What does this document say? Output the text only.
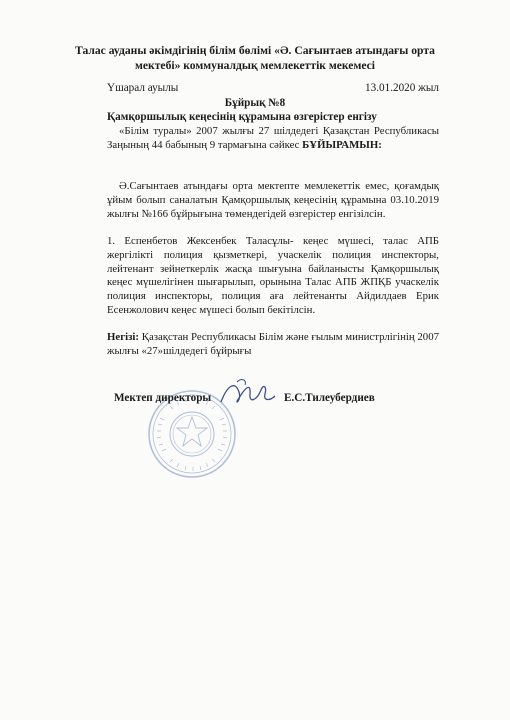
Талас ауданы әкімдігінің білім бөлімі «Ә. Сағынтаев атындағы орта
мектебі» коммуналдық мемлекеттік мекемесі
Үшарал ауылы	13.01.2020 жыл
Бұйрық №8
Қамқоршылық кеңесінің құрамына өзгерістер енгізу
«Білім туралы» 2007 жылғы 27 шілдедегі Қазақстан Республикасы Заңының 44 бабының 9 тармағына сәйкес БҰЙЫРАМЫН:
Ә.Сағынтаев атындағы орта мектепте мемлекеттік емес, қоғамдық ұйым болып саналатын Қамқоршылық кеңесінің құрамына 03.10.2019 жылғы №166 бұйрығына төмендегідей өзгерістер енгізілсін.
1. Еспенбетов Жексенбек Таласұлы- кеңес мүшесі, талас АПБ жергілікті полиция қызметкері, учаскелік полиция инспекторы, лейтенант зейнеткерлік жасқа шығуына байланысты Қамқоршылық кеңес мүшелігінен шығарылып, орынына Талас АПБ ЖПҚБ учаскелік полиция инспекторы, полиция аға лейтенанты Айдилдаев Ерик Есенжолович кеңес мүшесі болып бекітілсін.
Негізі: Қазақстан Республикасы Білім және ғылым министрлігінің 2007 жылғы «27»шілдедегі бұйрығы
Мектеп директоры	Е.С.Тилеубердиев
